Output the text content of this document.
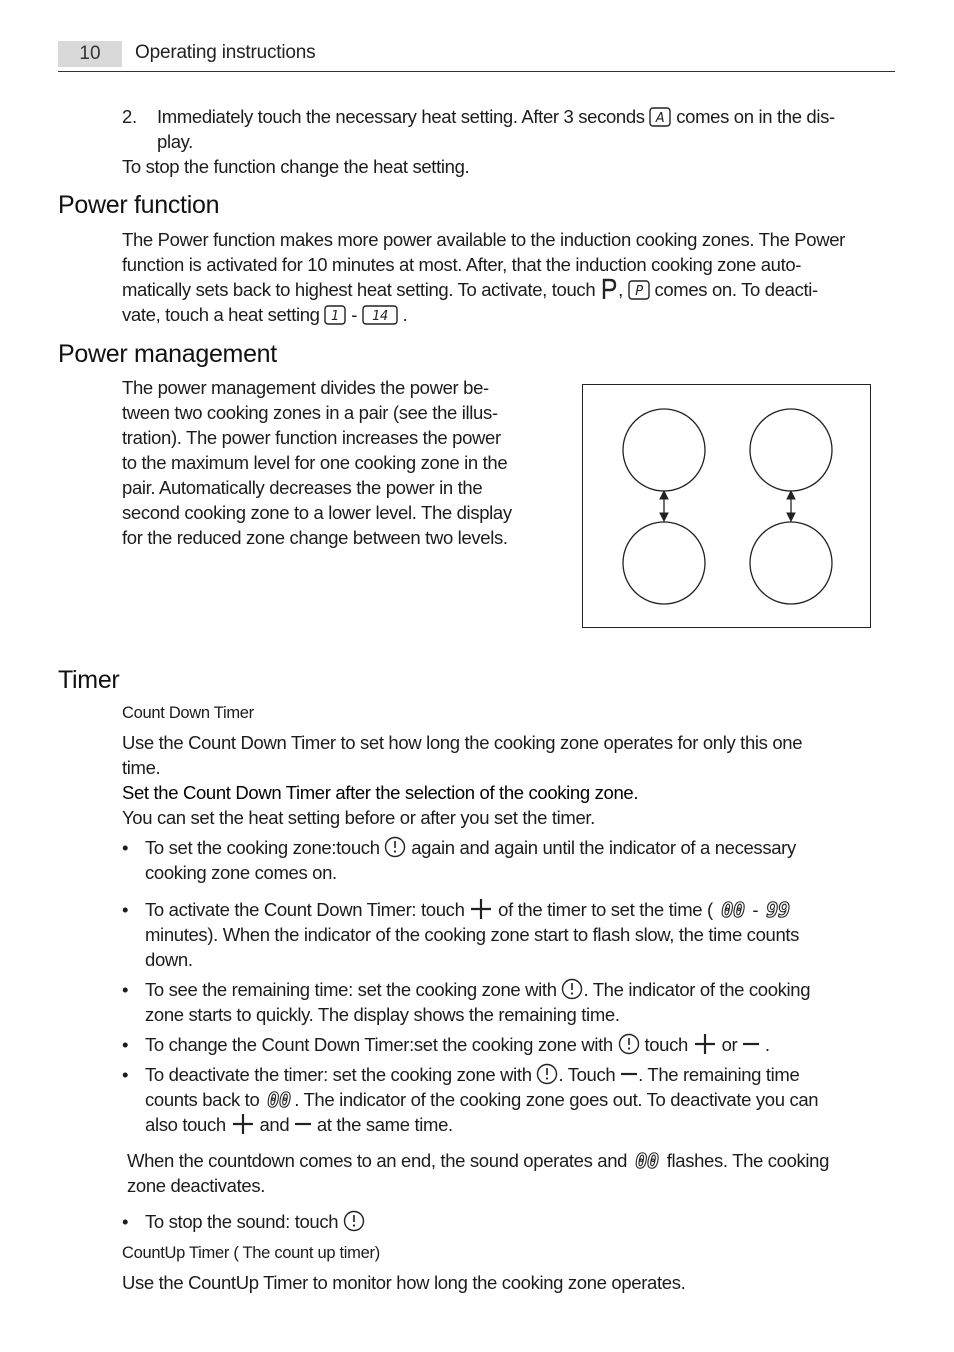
10	Operating instructions
2. Immediately touch the necessary heat setting. After 3 seconds A comes on in the dis-
play.
To stop the function change the heat setting.
Power function
The Power function makes more power available to the induction cooking zones. The Power
function is activated for 10 minutes at most. After, that the induction cooking zone auto-
matically sets back to highest heat setting. To activate, touch , P comes on. To deacti-
vate, touch a heat setting 1 - 14 .
Power management
The power management divides the power be-
tween two cooking zones in a pair (see the illus-
tration). The power function increases the power
to the maximum level for one cooking zone in the
pair. Automatically decreases the power in the
second cooking zone to a lower level. The display
for the reduced zone change between two levels.
Timer
Count Down Timer
Use the Count Down Timer to set how long the cooking zone operates for only this one
time.
Set the Count Down Timer after the selection of the cooking zone.
You can set the heat setting before or after you set the timer.
• To set the cooking zone:touch again and again until the indicator of a necessary
cooking zone comes on.
• To activate the Count Down Timer: touch of the timer to set the time ( 00 - 99
minutes). When the indicator of the cooking zone start to flash slow, the time counts
down.
• To see the remaining time: set the cooking zone with . The indicator of the cooking
zone starts to quickly. The display shows the remaining time.
• To change the Count Down Timer:set the cooking zone with touch or .
• To deactivate the timer: set the cooking zone with . Touch . The remaining time
counts back to 00 . The indicator of the cooking zone goes out. To deactivate you can
also touch and at the same time.
When the countdown comes to an end, the sound operates and 00 flashes. The cooking
zone deactivates.
• To stop the sound: touch
CountUp Timer ( The count up timer)
Use the CountUp Timer to monitor how long the cooking zone operates.
